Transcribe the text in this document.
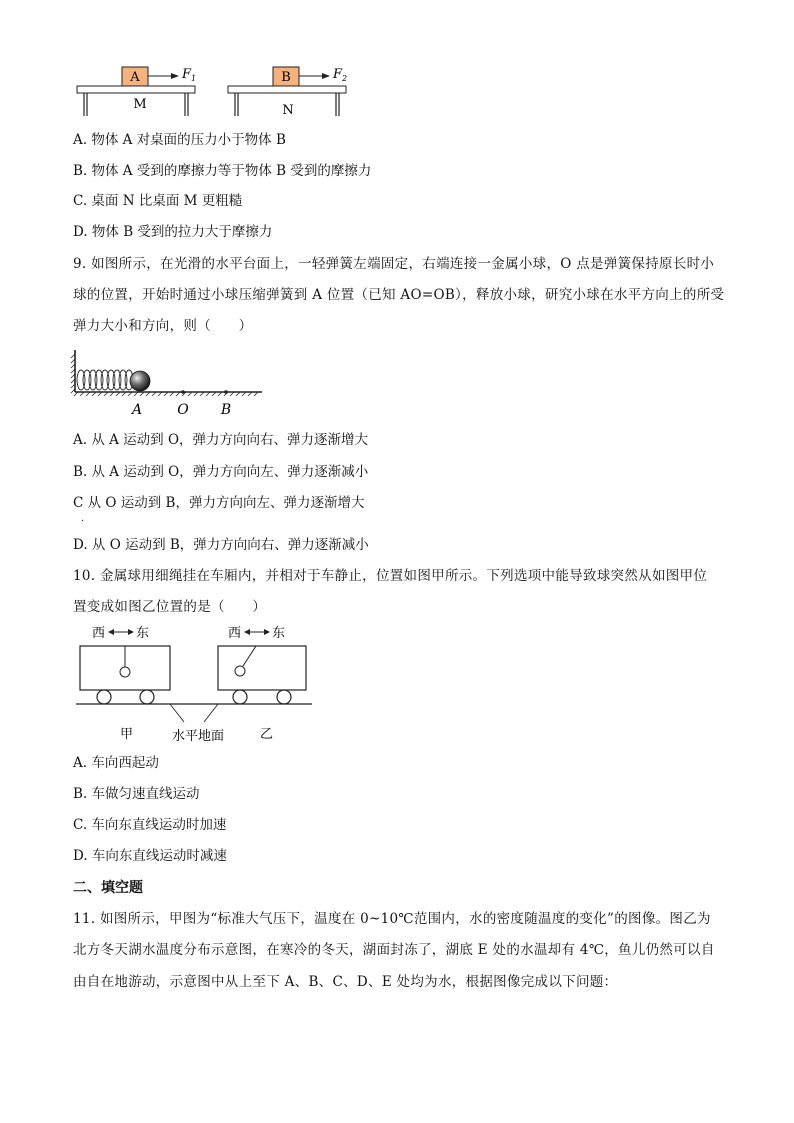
A	$F_1$
M
B	$F_2$
N
A. 物体 A 对桌面的压力小于物体 B
B. 物体 A 受到的摩擦力等于物体 B 受到的摩擦力
C. 桌面 N 比桌面 M 更粗糙
D. 物体 B 受到的拉力大于摩擦力
9. 如图所示，在光滑的水平台面上，一轻弹簧左端固定，右端连接一金属小球，O 点是弹簧保持原长时小
球的位置，开始时通过小球压缩弹簧到 A 位置（已知 AO=OB），释放小球，研究小球在水平方向上的所受
弹力大小和方向，则（　　）
A	O B
A. 从 A 运动到 O，弹力方向向右、弹力逐渐增大
B. 从 A 运动到 O，弹力方向向左、弹力逐渐减小
C 从 O 运动到 B，弹力方向向左、弹力逐渐增大
.
D. 从 O 运动到 B，弹力方向向右、弹力逐渐减小
10. 金属球用细绳挂在车厢内，并相对于车静止，位置如图甲所示。下列选项中能导致球突然从如图甲位
置变成如图乙位置的是（　　）
西 东	西 东
甲	水平地面	乙
A. 车向西起动
B. 车做匀速直线运动
C. 车向东直线运动时加速
D. 车向东直线运动时减速
二、填空题
11. 如图所示，甲图为“标准大气压下，温度在 0~10℃范围内，水的密度随温度的变化”的图像。图乙为
北方冬天湖水温度分布示意图，在寒冷的冬天，湖面封冻了，湖底 E 处的水温却有 4℃，鱼儿仍然可以自
由自在地游动，示意图中从上至下 A、B、C、D、E 处均为水，根据图像完成以下问题：
